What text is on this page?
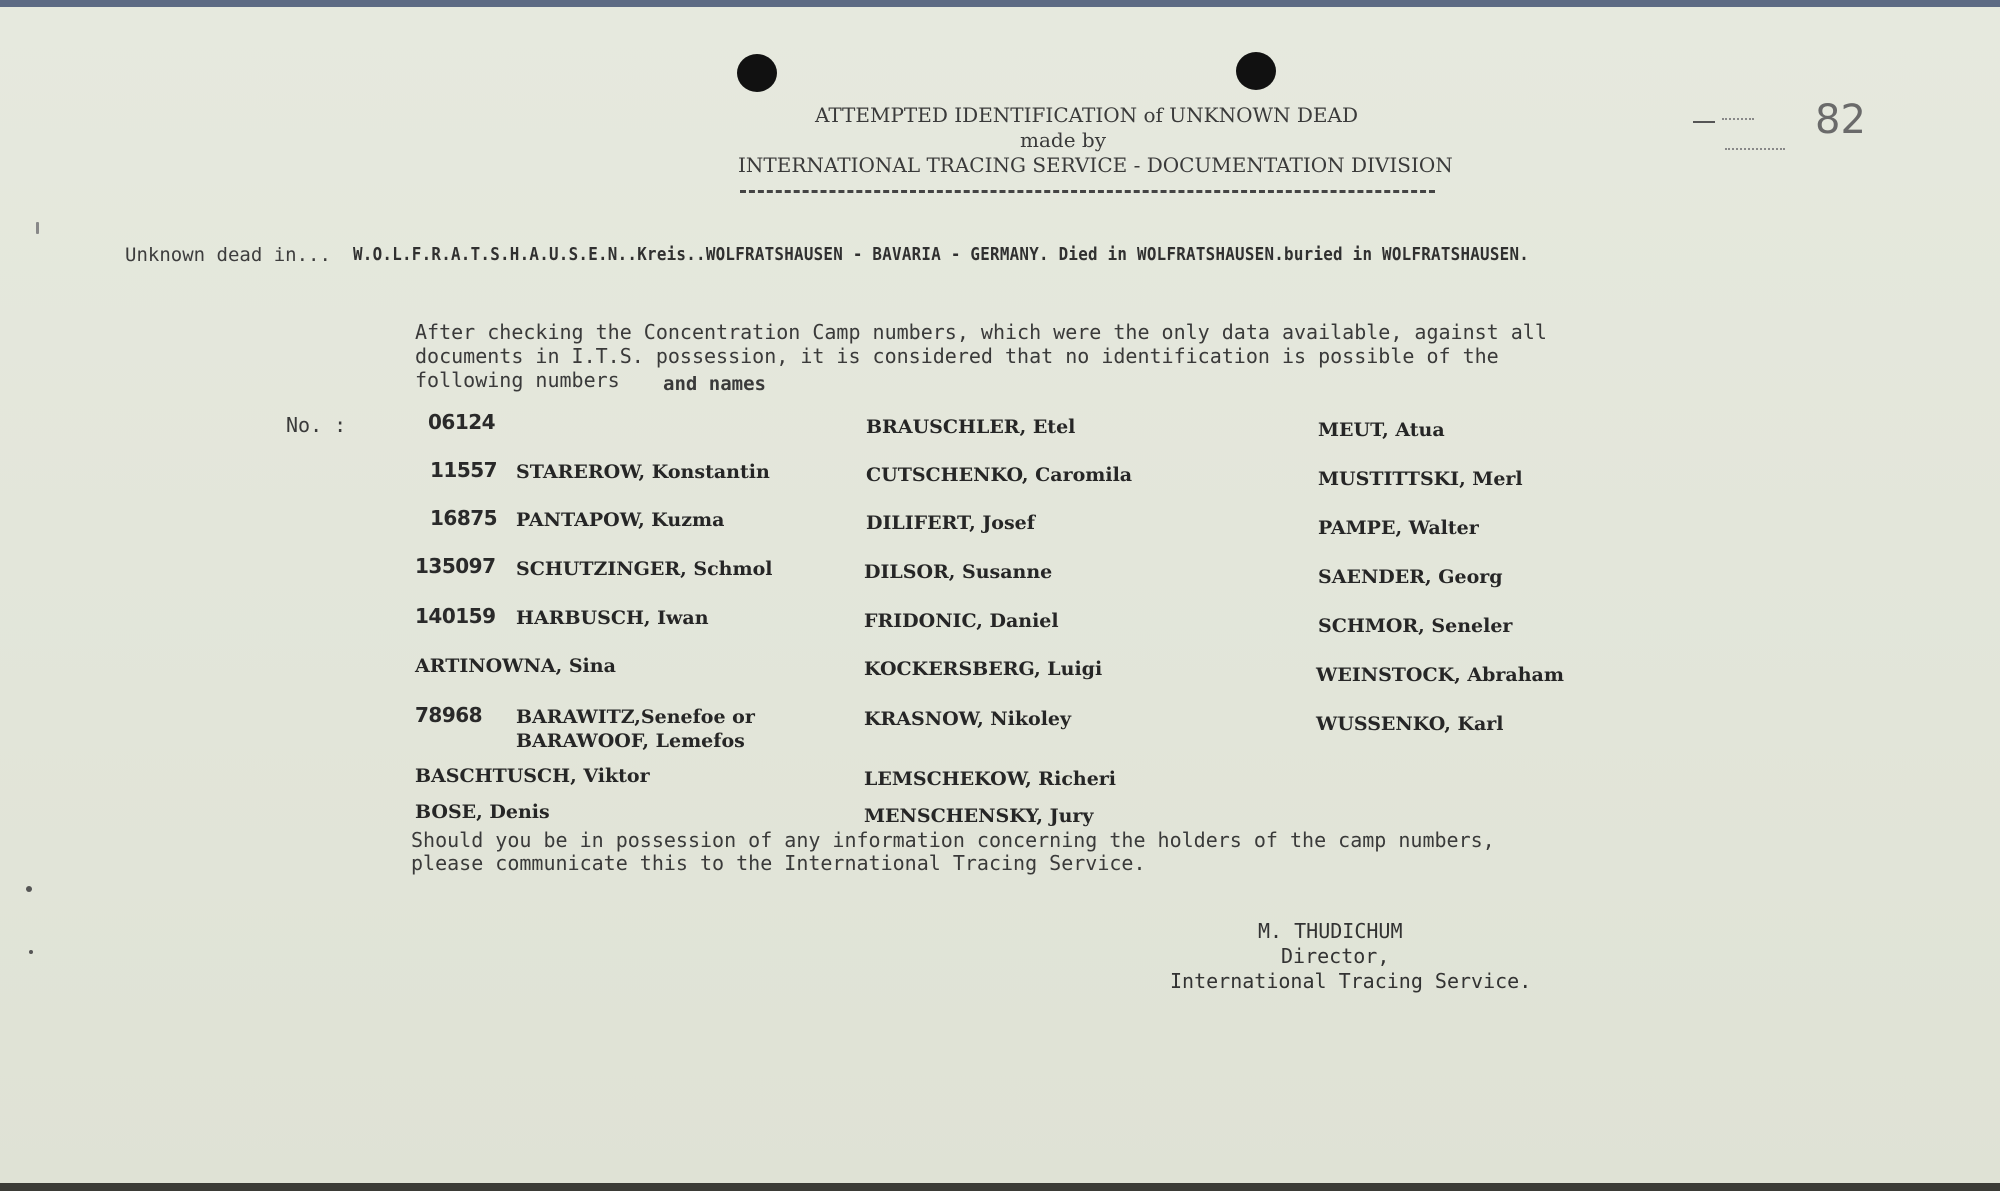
ATTEMPTED IDENTIFICATION of UNKNOWN DEAD
made by
INTERNATIONAL TRACING SERVICE - DOCUMENTATION DIVISION
82
Unknown dead in... W.O.L.F.R.A.T.S.H.A.U.S.E.N..Kreis..WOLFRATSHAUSEN - BAVARIA - GERMANY. Died in WOLFRATSHAUSEN.buried in WOLFRATSHAUSEN.
After checking the Concentration Camp numbers, which were the only data available, against all
documents in I.T.S. possession, it is considered that no identification is possible of the
following numbers and names
No. :	06124
11557 STAREROW, Konstantin
16875 PANTAPOW, Kuzma
135097 SCHUTZINGER, Schmol
140159 HARBUSCH, Iwan
ARTINOWNA, Sina
78968 BARAWITZ,Senefoe or
BARAWOOF, Lemefos
BASCHTUSCH, Viktor
BOSE, Denis
BRAUSCHLER, Etel
CUTSCHENKO, Caromila
DILIFERT, Josef
DILSOR, Susanne
FRIDONIC, Daniel
KOCKERSBERG, Luigi
KRASNOW, Nikoley
LEMSCHEKOW, Richeri
MENSCHENSKY, Jury
MEUT, Atua
MUSTITTSKI, Merl
PAMPE, Walter
SAENDER, Georg
SCHMOR, Seneler
WEINSTOCK, Abraham
WUSSENKO, Karl
Should you be in possession of any information concerning the holders of the camp numbers,
please communicate this to the International Tracing Service.
M. THUDICHUM
Director,
International Tracing Service.
